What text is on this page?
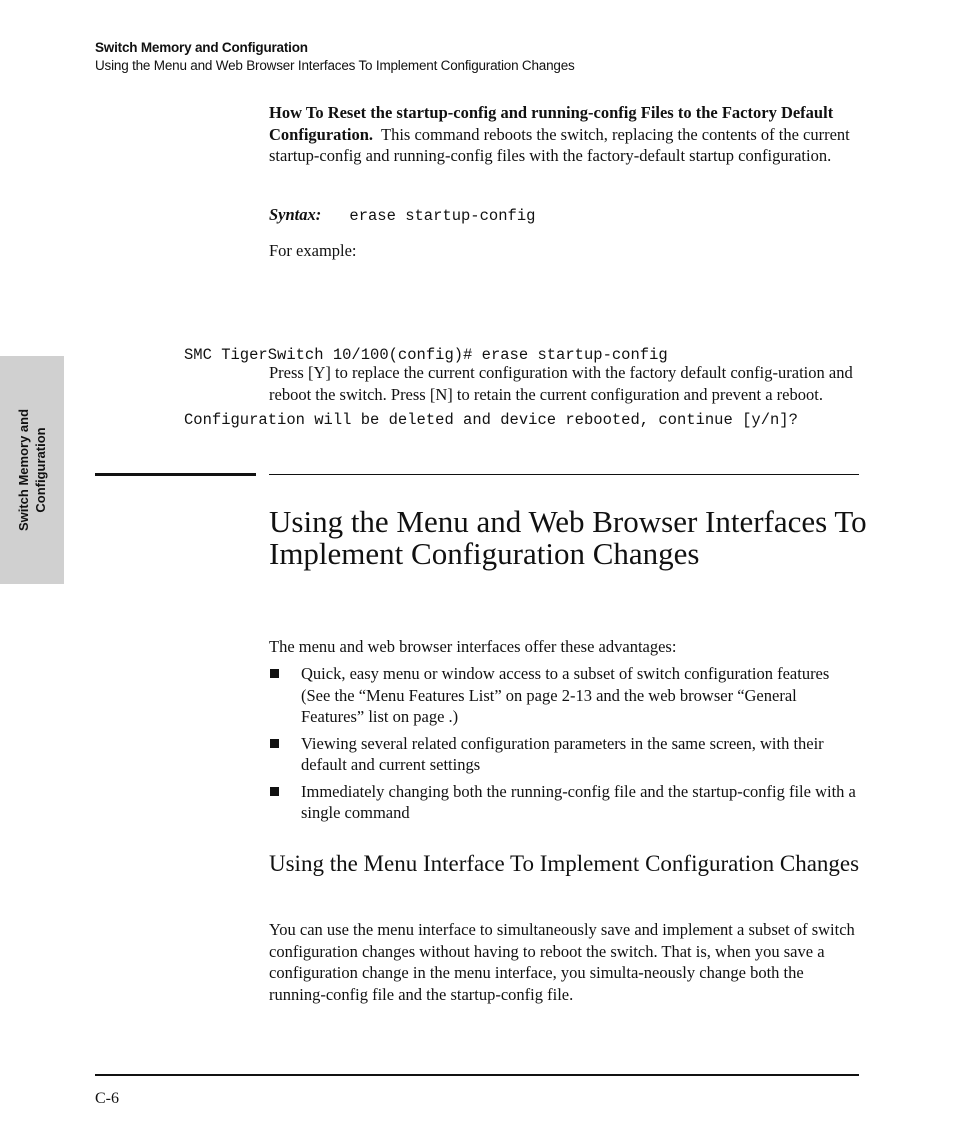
Switch Memory and Configuration
Using the Menu and Web Browser Interfaces To Implement Configuration Changes
Switch Memory and Configuration
How To Reset the startup-config and running-config Files to the Factory Default Configuration. This command reboots the switch, replacing the contents of the current startup-config and running-config files with the factory-default startup configuration.
Syntax: erase startup-config
For example:

SMC TigerSwitch 10/100(config)# erase startup-config

Configuration will be deleted and device rebooted, continue [y/n]?

Press [Y] to replace the current configuration with the factory default config-uration and reboot the switch. Press [N] to retain the current configuration and prevent a reboot.
Using the Menu and Web Browser Interfaces To Implement Configuration Changes
The menu and web browser interfaces offer these advantages:
Quick, easy menu or window access to a subset of switch configuration features (See the “Menu Features List” on page 2-13 and the web browser “General Features” list on page .)
Viewing several related configuration parameters in the same screen, with their default and current settings
Immediately changing both the running-config file and the startup-config file with a single command
Using the Menu Interface To Implement Configuration Changes
You can use the menu interface to simultaneously save and implement a subset of switch configuration changes without having to reboot the switch. That is, when you save a configuration change in the menu interface, you simulta-neously change both the running-config file and the startup-config file.
C-6
